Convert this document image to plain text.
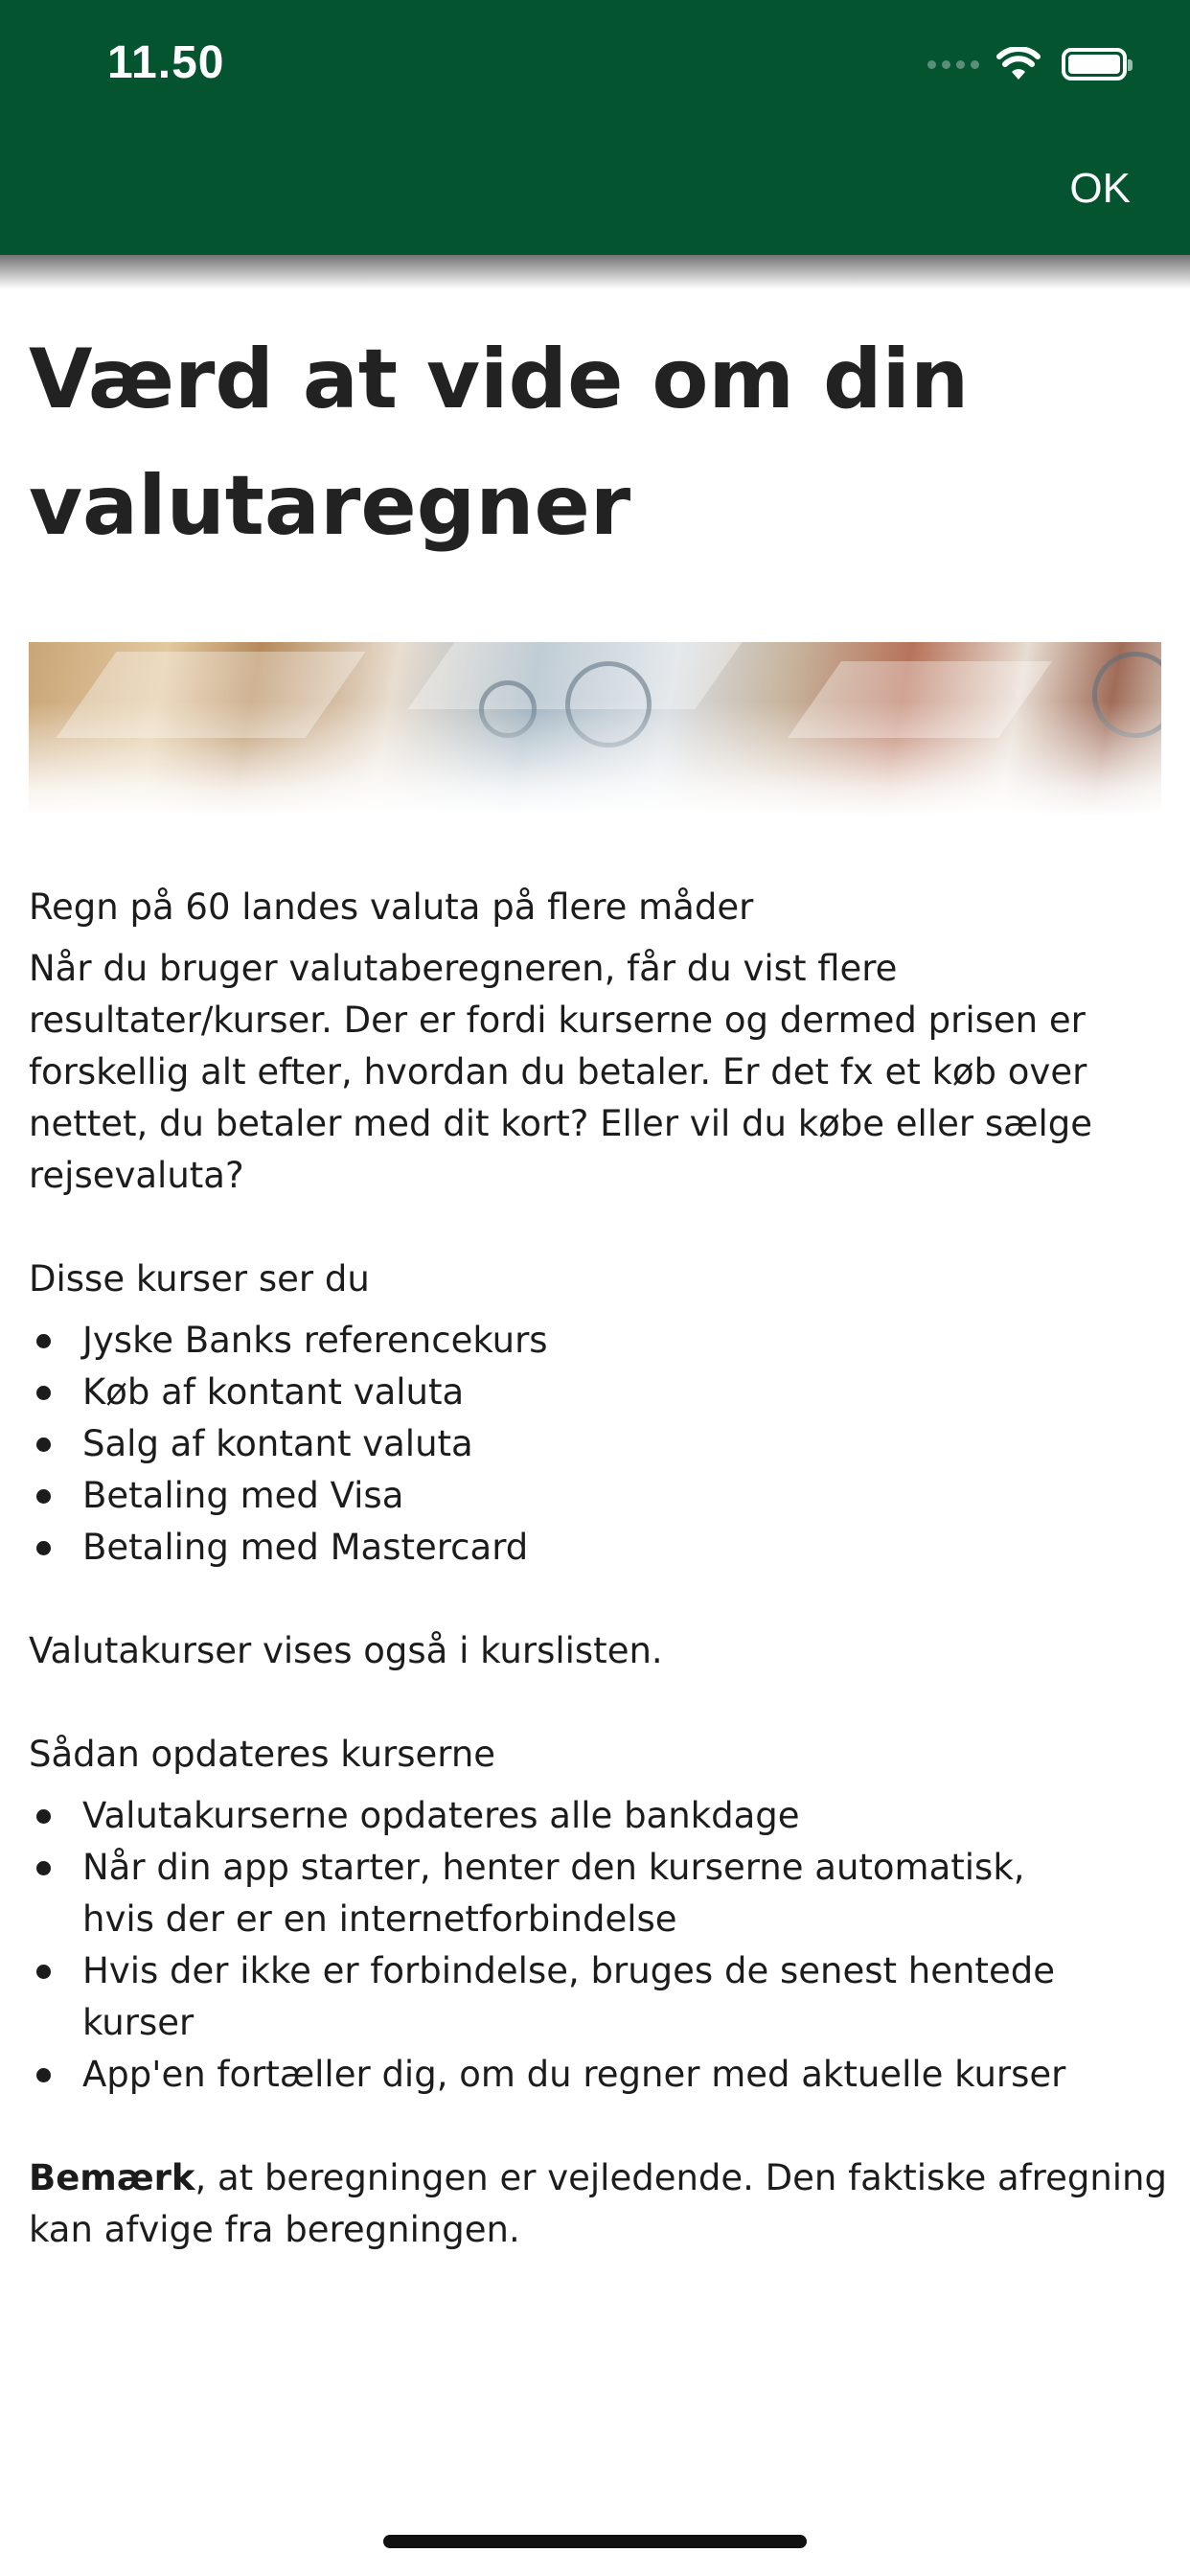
11.50
OK
Værd at vide om din valutaregner

Regn på 60 landes valuta på flere måder

Når du bruger valutaberegneren, får du vist flere resultater/kurser. Der er fordi kurserne og dermed prisen er forskellig alt efter, hvordan du betaler. Er det fx et køb over nettet, du betaler med dit kort? Eller vil du købe eller sælge rejsevaluta?

Disse kurser ser du

Jyske Banks referencekurs
Køb af kontant valuta
Salg af kontant valuta
Betaling med Visa
Betaling med Mastercard

Valutakurser vises også i kurslisten.

Sådan opdateres kurserne

Valutakurserne opdateres alle bankdage
Når din app starter, henter den kurserne automatisk, hvis der er en internetforbindelse
Hvis der ikke er forbindelse, bruges de senest hentede kurser
App'en fortæller dig, om du regner med aktuelle kurser

Bemærk, at beregningen er vejledende. Den faktiske afregning kan afvige fra beregningen.
